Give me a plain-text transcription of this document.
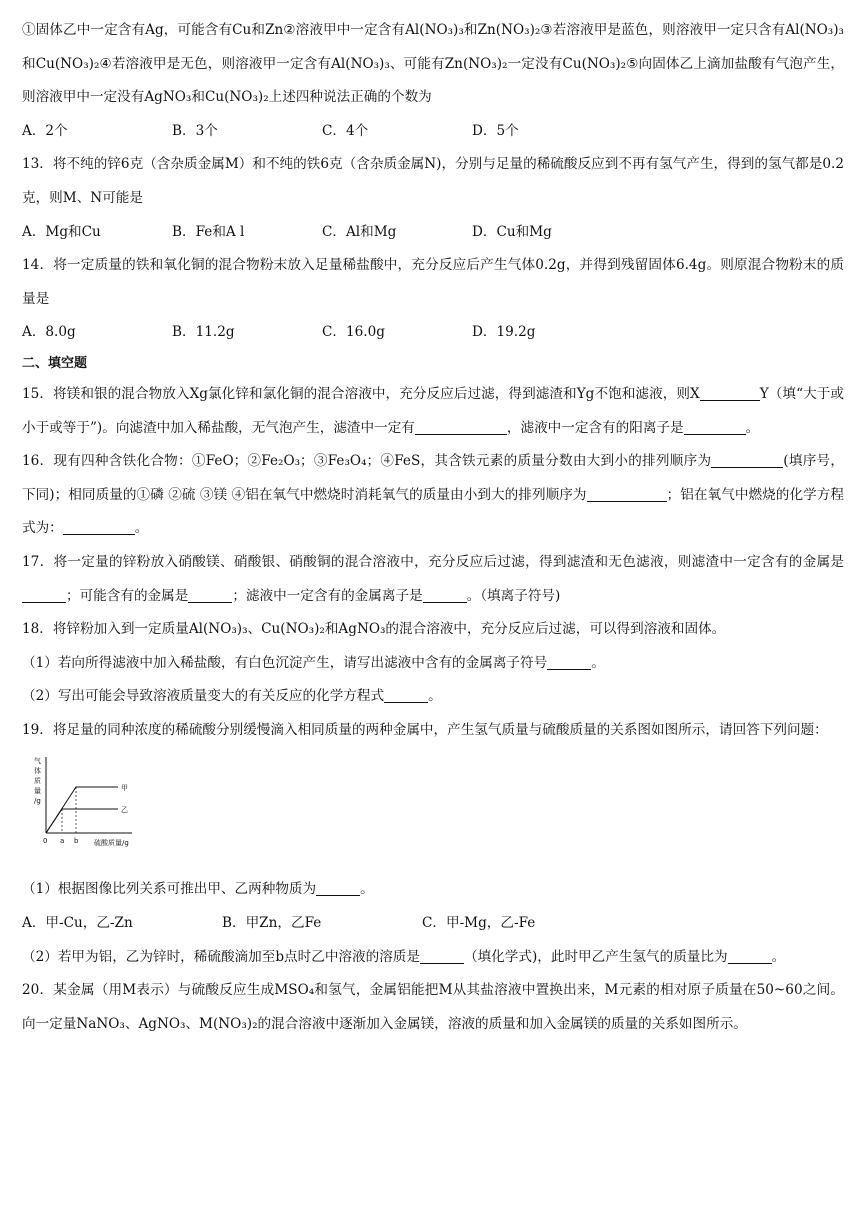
①固体乙中一定含有Ag，可能含有Cu和Zn②溶液甲中一定含有Al(NO₃)₃和Zn(NO₃)₂③若溶液甲是蓝色，则溶液甲一定只含有Al(NO₃)₃和Cu(NO₃)₂④若溶液甲是无色，则溶液甲一定含有Al(NO₃)₃、可能有Zn(NO₃)₂一定没有Cu(NO₃)₂⑤向固体乙上滴加盐酸有气泡产生，则溶液甲中一定没有AgNO₃和Cu(NO₃)₂上述四种说法正确的个数为

A．2个	B．3个	C．4个	D．5个

13．将不纯的锌6克（含杂质金属M）和不纯的铁6克（含杂质金属N)，分别与足量的稀硫酸反应到不再有氢气产生，得到的氢气都是0.2克，则M、N可能是

A．Mg和Cu	B．Fe和A l	C．Al和Mg	D．Cu和Mg

14．将一定质量的铁和氧化铜的混合物粉末放入足量稀盐酸中，充分反应后产生气体0.2g，并得到残留固体6.4g。则原混合物粉末的质量是

A．8.0g	B．11.2g	C．16.0g	D．19.2g

二、填空题

15．将镁和银的混合物放入Xg氯化锌和氯化铜的混合溶液中，充分反应后过滤，得到滤渣和Yg不饱和滤液，则X	Y（填“大于或小于或等于”)。向滤渣中加入稀盐酸，无气泡产生，滤渣中一定有	，滤液中一定含有的阳离子是	。

16．现有四种含铁化合物：①FeO；②Fe₂O₃；③Fe₃O₄；④FeS，其含铁元素的质量分数由大到小的排列顺序为	(填序号，下同)；相同质量的①磷 ②硫 ③镁 ④铝在氧气中燃烧时消耗氧气的质量由小到大的排列顺序为	；铝在氧气中燃烧的化学方程式为：	。

17．将一定量的锌粉放入硝酸镁、硝酸银、硝酸铜的混合溶液中，充分反应后过滤，得到滤渣和无色滤液，则滤渣中一定含有的金属是；可能含有的金属是	；滤液中一定含有的金属离子是	。（填离子符号)

18．将锌粉加入到一定质量Al(NO₃)₃、Cu(NO₃)₂和AgNO₃的混合溶液中，充分反应后过滤，可以得到溶液和固体。

（1）若向所得滤液中加入稀盐酸，有白色沉淀产生，请写出滤液中含有的金属离子符号	。

（2）写出可能会导致溶液质量变大的有关反应的化学方程式	。

19．将足量的同种浓度的稀硫酸分别缓慢滴入相同质量的两种金属中，产生氢气质量与硫酸质量的关系图如图所示，请回答下列问题：

气
体
质
量
/g
甲
乙
0 a b 硫酸质量/g

（1）根据图像比列关系可推出甲、乙两种物质为	。

A．甲-Cu，乙-Zn	B．甲Zn，乙Fe	C．甲-Mg，乙-Fe

（2）若甲为铝，乙为锌时，稀硫酸滴加至b点时乙中溶液的溶质是	（填化学式)，此时甲乙产生氢气的质量比为	。

20．某金属（用M表示）与硫酸反应生成MSO₄和氢气，金属铝能把M从其盐溶液中置换出来，M元素的相对原子质量在50~60之间。向一定量NaNO₃、AgNO₃、M(NO₃)₂的混合溶液中逐渐加入金属镁，溶液的质量和加入金属镁的质量的关系如图所示。
